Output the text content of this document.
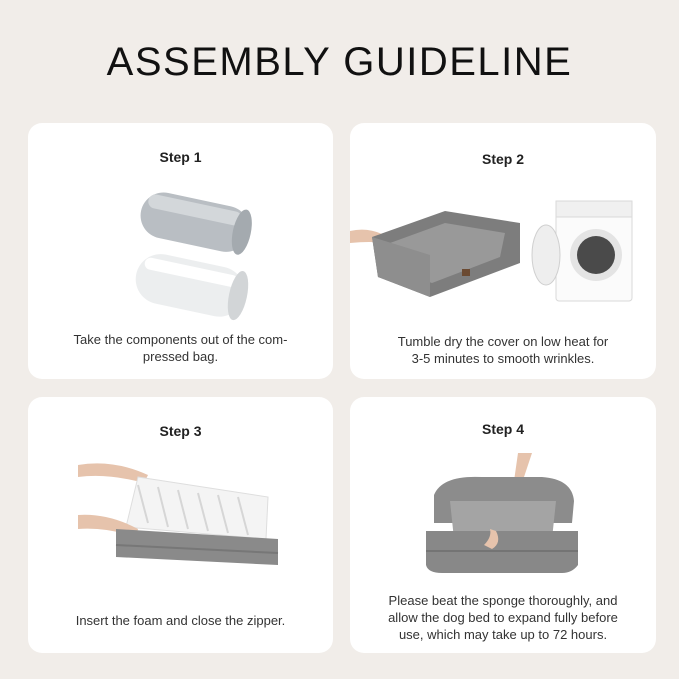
ASSEMBLY GUIDELINE
Step 1
Take the components out of the com-
pressed bag.
Step 2
Tumble dry the cover on low heat for
3-5 minutes to smooth wrinkles.
Step 3
Insert the foam and close the zipper.
Step 4
Please beat the sponge thoroughly, and
allow the dog bed to expand fully before
use, which may take up to 72 hours.
